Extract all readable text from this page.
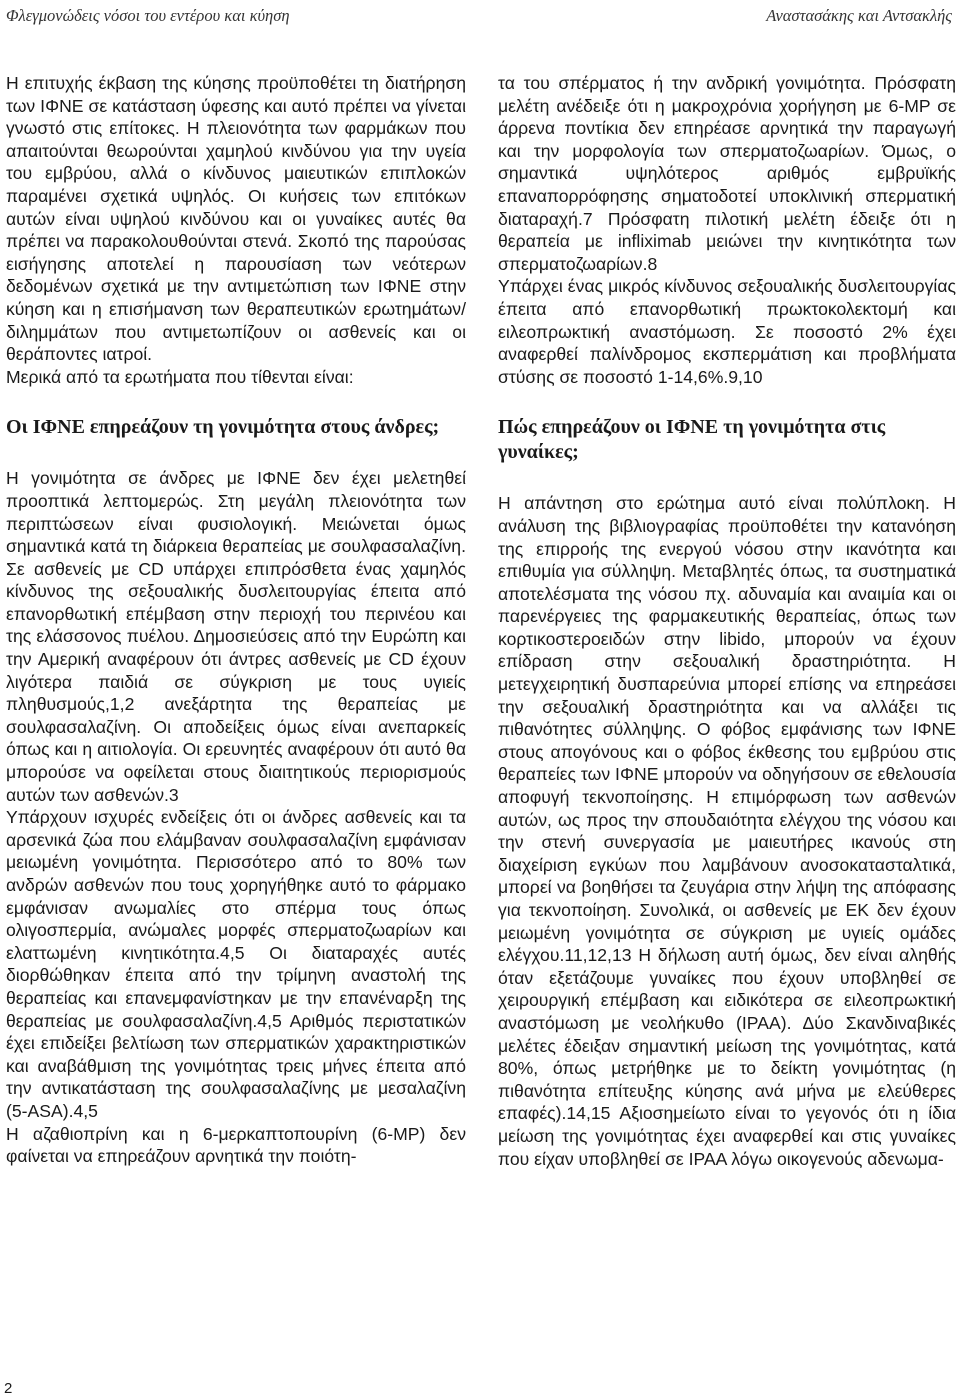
Φλεγμονώδεις νόσοι του εντέρου και κύηση	Αναστασάκης και Αντσακλής

Η επιτυχής έκβαση της κύησης προϋποθέτει τη διατήρηση των ΙΦΝΕ σε κατάσταση ύφεσης και αυτό πρέπει να γίνεται γνωστό στις επίτοκες. Η πλειονότητα των φαρμάκων που απαιτούνται θεωρούνται χαμηλού κινδύνου για την υγεία του εμβρύου, αλλά ο κίνδυνος μαιευτικών επιπλοκών παραμένει σχετικά υψηλός. Οι κυήσεις των επιτόκων αυτών είναι υψηλού κινδύνου και οι γυναίκες αυτές θα πρέπει να παρακολουθούνται στενά. Σκοπό της παρούσας εισήγησης αποτελεί η παρουσίαση των νεότερων δεδομένων σχετικά με την αντιμετώπιση των ΙΦΝΕ στην κύηση και η επισήμανση των θεραπευτικών ερωτημάτων/διλημμάτων που αντιμετωπίζουν οι ασθενείς και οι θεράποντες ιατροί.

Μερικά από τα ερωτήματα που τίθενται είναι:

Οι ΙΦΝΕ επηρεάζουν τη γονιμότητα στους άνδρες;

Η γονιμότητα σε άνδρες με ΙΦΝΕ δεν έχει μελετηθεί προοπτικά λεπτομερώς. Στη μεγάλη πλειονότητα των περιπτώσεων είναι φυσιολογική. Μειώνεται όμως σημαντικά κατά τη διάρκεια θεραπείας με σουλφασαλαζίνη. Σε ασθενείς με CD υπάρχει επιπρόσθετα ένας χαμηλός κίνδυνος της σεξουαλικής δυσλειτουργίας έπειτα από επανορθωτική επέμβαση στην περιοχή του περινέου και της ελάσσονος πυέλου. Δημοσιεύσεις από την Ευρώπη και την Αμερική αναφέρουν ότι άντρες ασθενείς με CD έχουν λιγότερα παιδιά σε σύγκριση με τους υγιείς πληθυσμούς,1,2 ανεξάρτητα της θεραπείας με σουλφασαλαζίνη. Οι αποδείξεις όμως είναι ανεπαρκείς όπως και η αιτιολογία. Οι ερευνητές αναφέρουν ότι αυτό θα μπορούσε να οφείλεται στους διαιτητικούς περιορισμούς αυτών των ασθενών.3

Υπάρχουν ισχυρές ενδείξεις ότι οι άνδρες ασθενείς και τα αρσενικά ζώα που ελάμβαναν σουλφασαλαζίνη εμφάνισαν μειωμένη γονιμότητα. Περισσότερο από το 80% των ανδρών ασθενών που τους χορηγήθηκε αυτό το φάρμακο εμφάνισαν ανωμαλίες στο σπέρμα τους όπως ολιγοσπερμία, ανώμαλες μορφές σπερματοζωαρίων και ελαττωμένη κινητικότητα.4,5 Οι διαταραχές αυτές διορθώθηκαν έπειτα από την τρίμηνη αναστολή της θεραπείας και επανεμφανίστηκαν με την επανέναρξη της θεραπείας με σουλφασαλαζίνη.4,5 Αριθμός περιστατικών έχει επιδείξει βελτίωση των σπερματικών χαρακτηριστικών και αναβάθμιση της γονιμότητας τρεις μήνες έπειτα από την αντικατάσταση της σουλφασαλαζίνης με μεσαλαζίνη (5-ASA).4,5

Η αζαθιοπρίνη και η 6-μερκαπτοπουρίνη (6-MP) δεν φαίνεται να επηρεάζουν αρνητικά την ποιότη-

τα του σπέρματος ή την ανδρική γονιμότητα. Πρόσφατη μελέτη ανέδειξε ότι η μακροχρόνια χορήγηση με 6-MP σε άρρενα ποντίκια δεν επηρέασε αρνητικά την παραγωγή και την μορφολογία των σπερματοζωαρίων. Όμως, ο σημαντικά υψηλότερος αριθμός εμβρυϊκής επαναπορρόφησης σηματοδοτεί υποκλινική σπερματική διαταραχή.7 Πρόσφατη πιλοτική μελέτη έδειξε ότι η θεραπεία με infliximab μειώνει την κινητικότητα των σπερματοζωαρίων.8

Υπάρχει ένας μικρός κίνδυνος σεξουαλικής δυσλειτουργίας έπειτα από επανορθωτική πρωκτοκολεκτομή και ειλεοπρωκτική αναστόμωση. Σε ποσοστό 2% έχει αναφερθεί παλίνδρομος εκσπερμάτιση και προβλήματα στύσης σε ποσοστό 1-14,6%.9,10

Πώς επηρεάζουν οι ΙΦΝΕ τη γονιμότητα στις γυναίκες;

Η απάντηση στο ερώτημα αυτό είναι πολύπλοκη. Η ανάλυση της βιβλιογραφίας προϋποθέτει την κατανόηση της επιρροής της ενεργού νόσου στην ικανότητα και επιθυμία για σύλληψη. Μεταβλητές όπως, τα συστηματικά αποτελέσματα της νόσου πχ. αδυναμία και αναιμία και οι παρενέργειες της φαρμακευτικής θεραπείας, όπως των κορτικοστεροειδών στην libido, μπορούν να έχουν επίδραση στην σεξουαλική δραστηριότητα. Η μετεγχειρητική δυσπαρεύνια μπορεί επίσης να επηρεάσει την σεξουαλική δραστηριότητα και να αλλάξει τις πιθανότητες σύλληψης. Ο φόβος εμφάνισης των ΙΦΝΕ στους απογόνους και ο φόβος έκθεσης του εμβρύου στις θεραπείες των ΙΦΝΕ μπορούν να οδηγήσουν σε εθελουσία αποφυγή τεκνοποίησης. Η επιμόρφωση των ασθενών αυτών, ως προς την σπουδαιότητα ελέγχου της νόσου και την στενή συνεργασία με μαιευτήρες ικανούς στη διαχείριση εγκύων που λαμβάνουν ανοσοκατασταλτικά, μπορεί να βοηθήσει τα ζευγάρια στην λήψη της απόφασης για τεκνοποίηση. Συνολικά, οι ασθενείς με ΕΚ δεν έχουν μειωμένη γονιμότητα σε σύγκριση με υγιείς ομάδες ελέγχου.11,12,13 Η δήλωση αυτή όμως, δεν είναι αληθής όταν εξετάζουμε γυναίκες που έχουν υποβληθεί σε χειρουργική επέμβαση και ειδικότερα σε ειλεοπρωκτική αναστόμωση με νεολήκυθο (IPAA). Δύο Σκανδιναβικές μελέτες έδειξαν σημαντική μείωση της γονιμότητας, κατά 80%, όπως μετρήθηκε με το δείκτη γονιμότητας (η πιθανότητα επίτευξης κύησης ανά μήνα με ελεύθερες επαφές).14,15 Αξιοσημείωτο είναι το γεγονός ότι η ίδια μείωση της γονιμότητας έχει αναφερθεί και στις γυναίκες που είχαν υποβληθεί σε IPAA λόγω οικογενούς αδενωμα-

2
